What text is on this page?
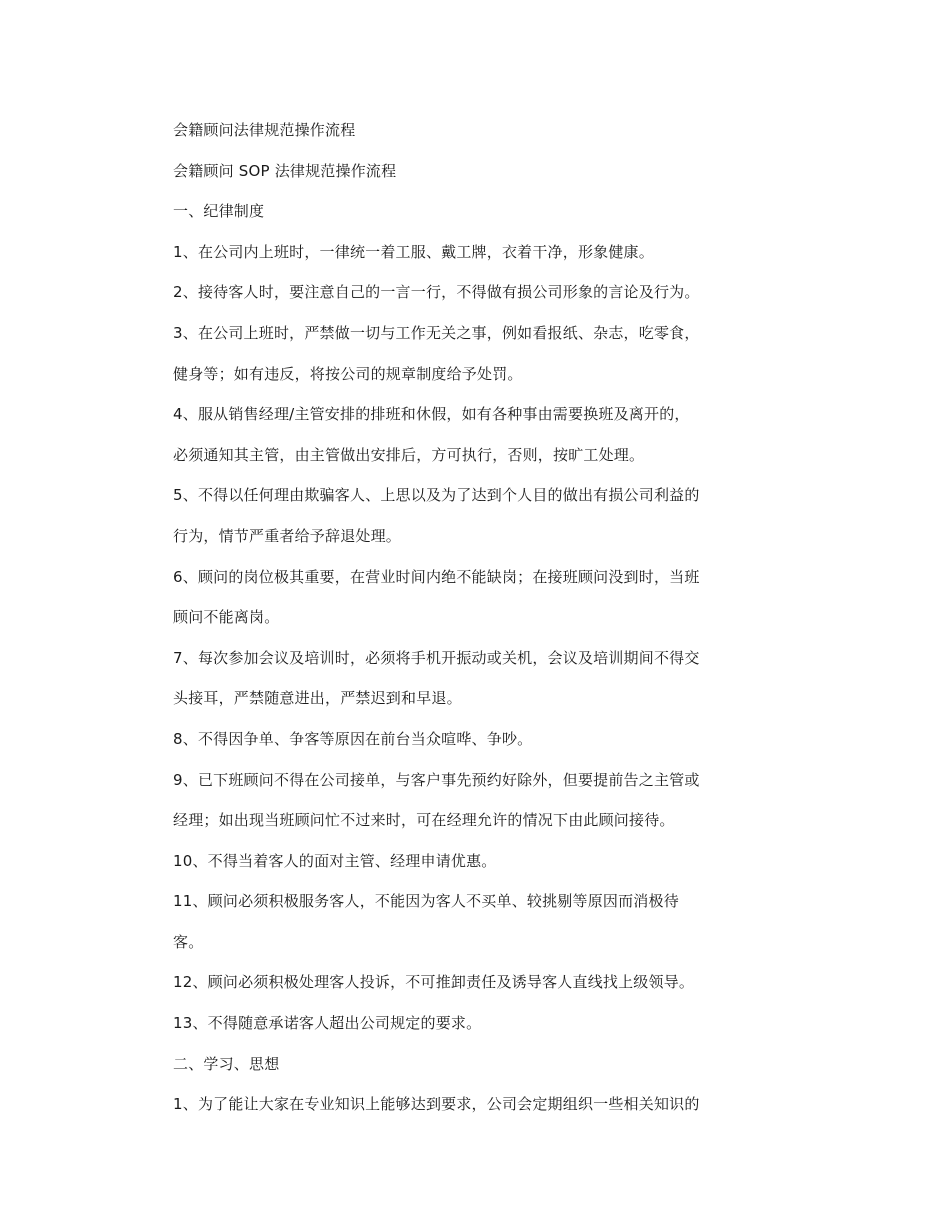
会籍顾问法律规范操作流程
会籍顾问 SOP 法律规范操作流程
一、纪律制度
1、在公司内上班时，一律统一着工服、戴工牌，衣着干净，形象健康。
2、接待客人时，要注意自己的一言一行，不得做有损公司形象的言论及行为。
3、在公司上班时，严禁做一切与工作无关之事，例如看报纸、杂志，吃零食，
健身等；如有违反，将按公司的规章制度给予处罚。
4、服从销售经理/主管安排的排班和休假，如有各种事由需要换班及离开的，
必须通知其主管，由主管做出安排后，方可执行，否则，按旷工处理。
5、不得以任何理由欺骗客人、上思以及为了达到个人目的做出有损公司利益的
行为，情节严重者给予辞退处理。
6、顾问的岗位极其重要，在营业时间内绝不能缺岗；在接班顾问没到时，当班
顾问不能离岗。
7、每次参加会议及培训时，必须将手机开振动或关机，会议及培训期间不得交
头接耳，严禁随意进出，严禁迟到和早退。
8、不得因争单、争客等原因在前台当众喧哗、争吵。
9、已下班顾问不得在公司接单，与客户事先预约好除外，但要提前告之主管或
经理；如出现当班顾问忙不过来时，可在经理允许的情况下由此顾问接待。
10、不得当着客人的面对主管、经理申请优惠。
11、顾问必须积极服务客人，不能因为客人不买单、较挑剔等原因而消极待
客。
12、顾问必须积极处理客人投诉，不可推卸责任及诱导客人直线找上级领导。
13、不得随意承诺客人超出公司规定的要求。
二、学习、思想
1、为了能让大家在专业知识上能够达到要求，公司会定期组织一些相关知识的
